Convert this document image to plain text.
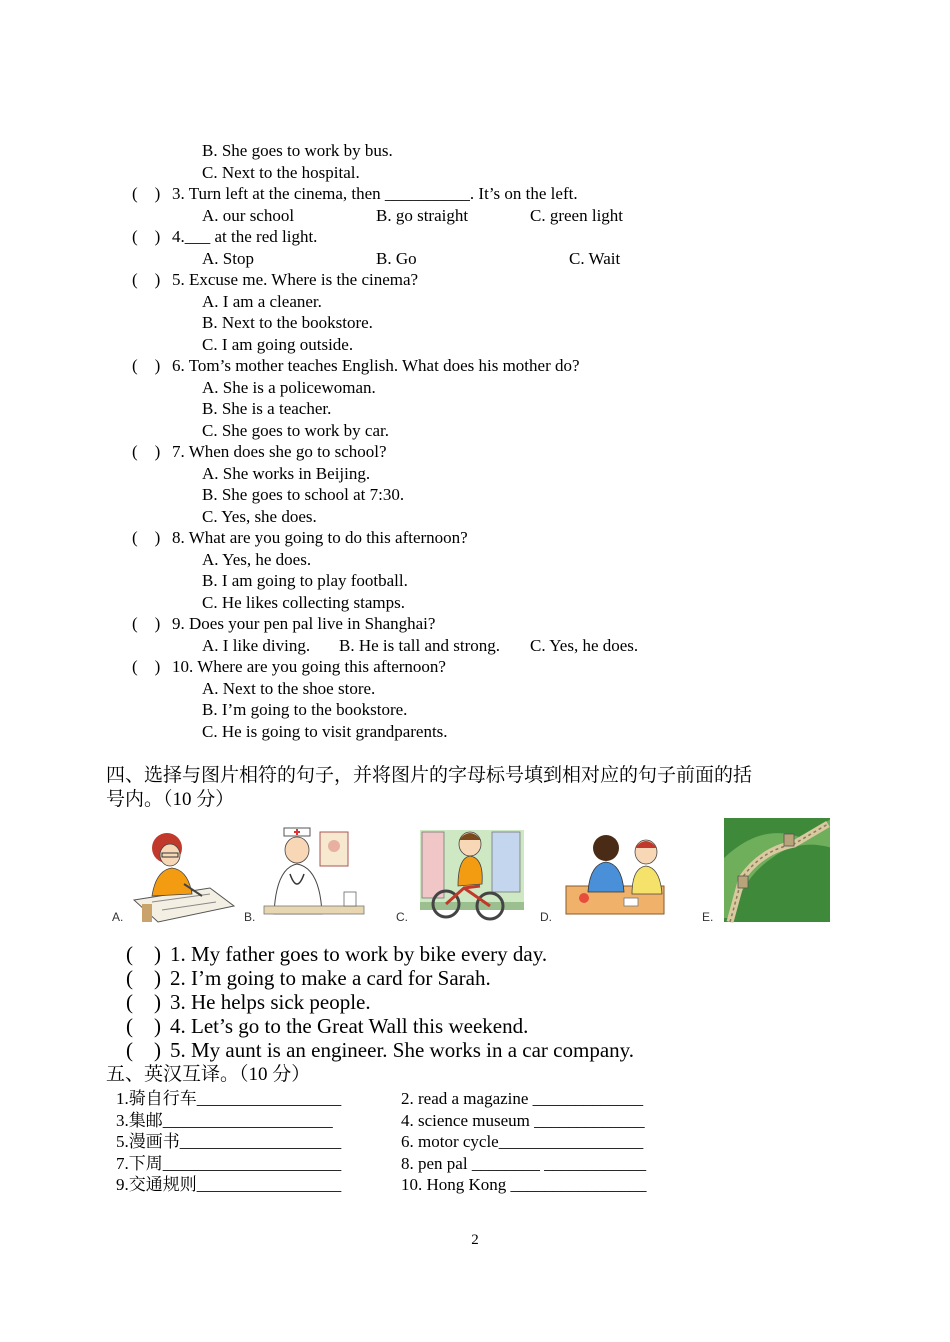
B. She goes to work by bus.
C. Next to the hospital.
(    ) 3. Turn left at the cinema, then __________. It’s on the left.
A. our school	B. go straight	C. green light
(    ) 4.___ at the red light.
A. Stop	B. Go	C. Wait
(    ) 5. Excuse me. Where is the cinema?
A. I am a cleaner.
B. Next to the bookstore.
C. I am going outside.
(    ) 6. Tom’s mother teaches English. What does his mother do?
A. She is a policewoman.
B. She is a teacher.
C. She goes to work by car.
(    ) 7. When does she go to school?
A. She works in Beijing.
B. She goes to school at 7:30.
C. Yes, she does.
(    ) 8. What are you going to do this afternoon?
A. Yes, he does.
B. I am going to play football.
C. He likes collecting stamps.
(    ) 9. Does your pen pal live in Shanghai?
A. I like diving. B. He is tall and strong. C. Yes, he does.
(    ) 10. Where are you going this afternoon?
A. Next to the shoe store.
B. I’m going to the bookstore.
C. He is going to visit grandparents.
四、选择与图片相符的句子，并将图片的字母标号填到相对应的句子前面的括
号内。（10 分）
A.	B.	C.	D.	E.
(    ) 1. My father goes to work by bike every day.
(    ) 2. I’m going to make a card for Sarah.
(    ) 3. He helps sick people.
(    ) 4. Let’s go to the Great Wall this weekend.
(    ) 5. My aunt is an engineer. She works in a car company.
五、英汉互译。（10 分）
1.骑自行车_________________	2. read a magazine _____________
3.集邮____________________	4. science museum _____________
5.漫画书___________________	6. motor cycle_________________
7.下周_____________________	8. pen pal ________ ____________
9.交通规则_________________	10. Hong Kong ________________
2
